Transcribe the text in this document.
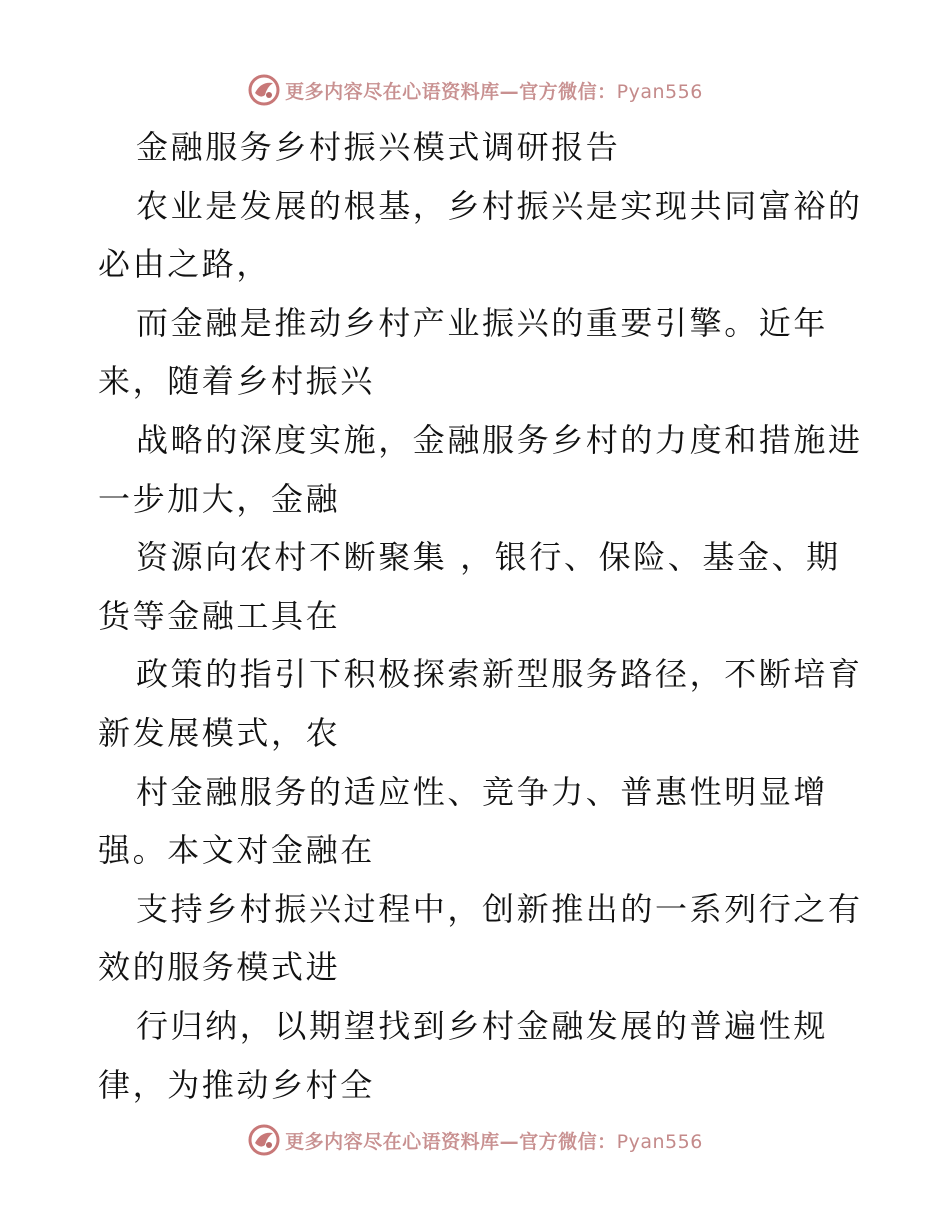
更多内容尽在心语资料库—官方微信：Pyan556
金融服务乡村振兴模式调研报告
农业是发展的根基，乡村振兴是实现共同富裕的
必由之路，
而金融是推动乡村产业振兴的重要引擎。近年
来，随着乡村振兴
战略的深度实施，金融服务乡村的力度和措施进
一步加大，金融
资源向农村不断聚集 ，银行、保险、基金、期
货等金融工具在
政策的指引下积极探索新型服务路径，不断培育
新发展模式，农
村金融服务的适应性、竞争力、普惠性明显增
强。本文对金融在
支持乡村振兴过程中，创新推出的一系列行之有
效的服务模式进
行归纳，以期望找到乡村金融发展的普遍性规
律，为推动乡村全
更多内容尽在心语资料库—官方微信：Pyan556
